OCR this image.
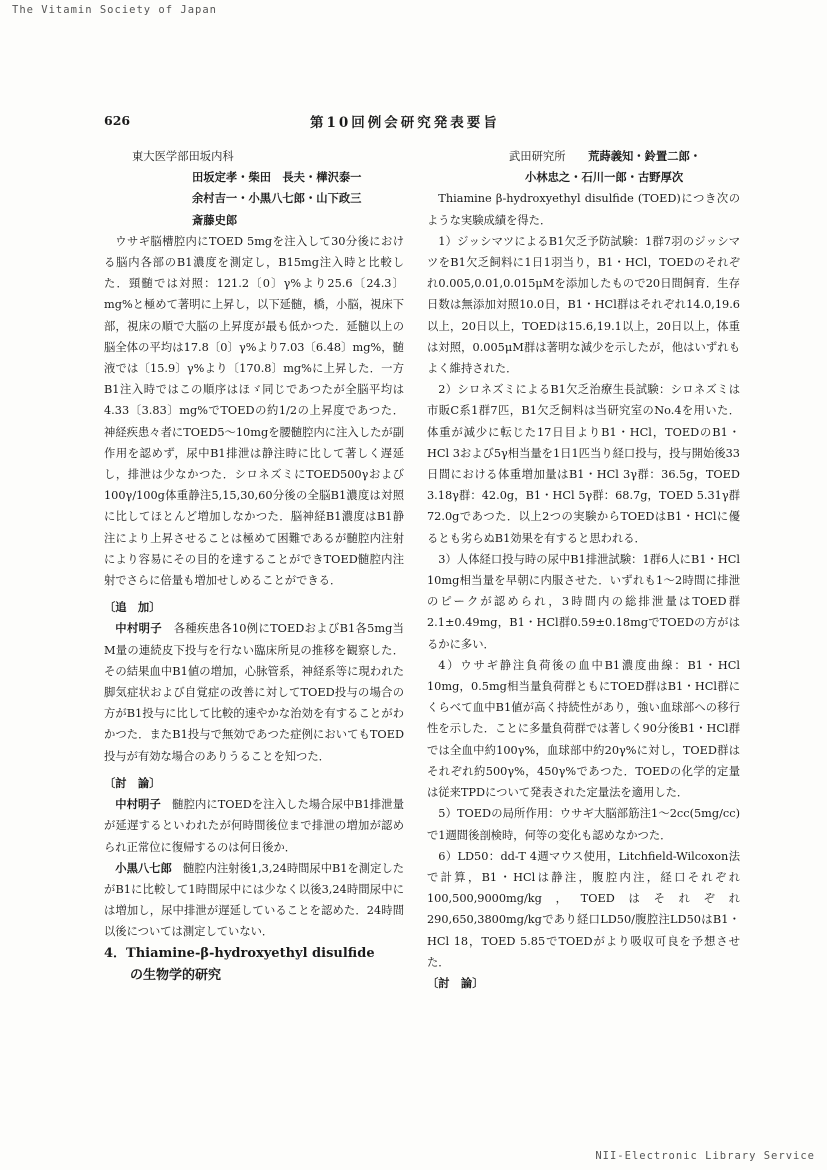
The Vitamin Society of Japan
626	第10回例会研究発表要旨

東大医学部田坂内科

田坂定孝・柴田　長夫・樺沢泰一

余村吉一・小黒八七郎・山下政三

斎藤史郎

ウサギ脳槽腔内にTOED 5mgを注入して30分後における脳内各部のB1濃度を測定し，B15mg注入時と比較した．頸髄では対照：121.2〔0〕γ%より25.6〔24.3〕mg%と極めて著明に上昇し，以下延髄，橋，小脳，視床下部，視床の順で大脳の上昇度が最も低かつた．延髄以上の脳全体の平均は17.8〔0〕γ%より7.03〔6.48〕mg%，髄液では〔15.9〕γ%より〔170.8〕mg%に上昇した．一方B1注入時ではこの順序はほゞ同じであつたが全脳平均は4.33〔3.83〕mg%でTOEDの約1/2の上昇度であつた．神経疾患々者にTOED5～10mgを腰髄腔内に注入したが副作用を認めず，尿中B1排泄は静注時に比して著しく遅延し，排泄は少なかつた．シロネズミにTOED500γおよび100γ/100g体重静注5,15,30,60分後の全脳B1濃度は対照に比してほとんど増加しなかつた．脳神経B1濃度はB1静注により上昇させることは極めて困難であるが髄腔内注射により容易にその目的を達することができTOED髄腔内注射でさらに倍量も増加せしめることができる．

〔追　加〕

中村明子　 各種疾患各10例にTOEDおよびB1各5mg当M量の連続皮下投与を行ない臨床所見の推移を観察した．その結果血中B1値の増加，心脉管系，神経系等に現われた脚気症状および自覚症の改善に対してTOED投与の場合の方がB1投与に比して比較的速やかな治効を有することがわかつた．またB1投与で無効であつた症例においてもTOED投与が有効な場合のありうることを知つた．

〔討　論〕

中村明子　 髄腔内にTOEDを注入した場合尿中B1排泄量が延遅するといわれたが何時間後位まで排泄の増加が認められ正常位に復帰するのは何日後か．

小黒八七郎　 髄腔内注射後1,3,24時間尿中B1を測定したがB1に比較して1時間尿中には少なく以後3,24時間尿中には増加し，尿中排泄が遅延していることを認めた．24時間以後については測定していない．

4．Thiamine-β-hydroxyethyl disulfide

の生物学的研究

武田研究所　　 荒蒔義知・鈴置二郎・

小林忠之・石川一郎・古野厚次

Thiamine β-hydroxyethyl disulfide (TOED)につき次のような実験成績を得た．

1）ジッシマツによるB1欠乏予防試験：1群7羽のジッシマツをB1欠乏飼料に1日1羽当り，B1・HCl，TOEDのそれぞれ0.005,0.01,0.015μMを添加したもので20日間飼育．生存日数は無添加対照10.0日，B1・HCl群はそれぞれ14.0,19.6以上，20日以上，TOEDは15.6,19.1以上，20日以上，体重は対照，0.005μM群は著明な減少を示したが，他はいずれもよく維持された．

2）シロネズミによるB1欠乏治療生長試験：シロネズミは市販C系1群7匹，B1欠乏飼料は当研究室のNo.4を用いた．体重が減少に転じた17日目よりB1・HCl，TOEDのB1・HCl 3および5γ相当量を1日1匹当り経口投与，投与開始後33日間における体重増加量はB1・HCl 3γ群：36.5g，TOED 3.18γ群：42.0g，B1・HCl 5γ群：68.7g，TOED 5.31γ群72.0gであつた．以上2つの実験からTOEDはB1・HClに優るとも劣らぬB1効果を有すると思われる．

3）人体経口投与時の尿中B1排泄試験：1群6人にB1・HCl 10mg相当量を早朝に内服させた．いずれも1～2時間に排泄のピークが認められ，3時間内の総排泄量はTOED群2.1±0.49mg，B1・HCl群0.59±0.18mgでTOEDの方がはるかに多い．

4）ウサギ静注負荷後の血中B1濃度曲線：B1・HCl 10mg，0.5mg相当量負荷群ともにTOED群はB1・HCl群にくらべて血中B1値が高く持続性があり，強い血球部への移行性を示した．ことに多量負荷群では著しく90分後B1・HCl群では全血中約100γ%，血球部中約20γ%に対し，TOED群はそれぞれ約500γ%，450γ%であつた．TOEDの化学的定量は従来TPDについて発表された定量法を適用した．

5）TOEDの局所作用：ウサギ大脳部筋注1～2cc(5mg/cc)で1週間後剖検時，何等の変化も認めなかつた．

6）LD50：dd-T 4週マウス使用，Litchfield-Wilcoxon法で計算，B1・HClは静注，腹腔内注，経口それぞれ100,500,9000mg/kg，TOEDはそれぞれ290,650,3800mg/kgであり経口LD50/腹腔注LD50はB1・HCl 18，TOED 5.85でTOEDがより吸収可良を予想させた．

〔討　論〕

NII-Electronic Library Service
